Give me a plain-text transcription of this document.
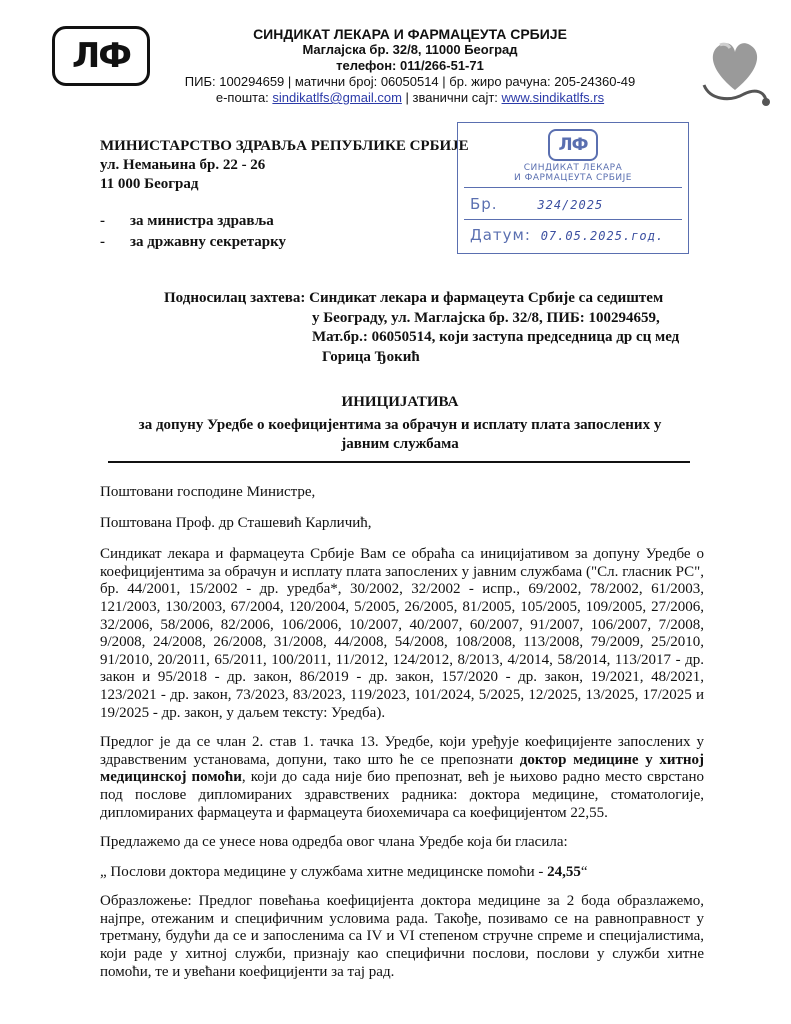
ЛФ
СИНДИКАТ ЛЕКАРА И ФАРМАЦЕУТА СРБИЈЕ
Маглајска бр. 32/8, 11000 Београд
телефон: 011/266-51-71
ПИБ: 100294659 | матични број: 06050514 | бр. жиро рачуна: 205-24360-49
е-пошта: sindikatlfs@gmail.com | званични сајт: www.sindikatlfs.rs
МИНИСТАРСТВО ЗДРАВЉА РЕПУБЛИКЕ СРБИЈЕ
ул. Немањина бр. 22 - 26
11 000 Београд
- за министра здравља
- за државну секретарку
ЛФ
СИНДИКАТ ЛЕКАРА
И ФАРМАЦЕУТА СРБИЈЕ
Бр.	324/2025
Датум: 07.05.2025.год.
Подносилац захтева: Синдикат лекара и фармацеута Србије са седиштем
у Београду, ул. Маглајска бр. 32/8, ПИБ: 100294659,
Мат.бр.: 06050514, који заступа председница др сц мед
Горица Ђокић
ИНИЦИЈАТИВА
за допуну Уредбе о коефицијентима за обрачун и исплату плата запослених у
јавним службама

Поштовани господине Министре,

Поштована Проф. др Сташевић Карличић,

Синдикат лекара и фармацеута Србије Вам се обраћа са иницијативом за допуну Уредбе о коефицијентима за обрачун и исплату плата запослених у јавним службама ("Сл. гласник РС", бр. 44/2001, 15/2002 - др. уредба*, 30/2002, 32/2002 - испр., 69/2002, 78/2002, 61/2003, 121/2003, 130/2003, 67/2004, 120/2004, 5/2005, 26/2005, 81/2005, 105/2005, 109/2005, 27/2006, 32/2006, 58/2006, 82/2006, 106/2006, 10/2007, 40/2007, 60/2007, 91/2007, 106/2007, 7/2008, 9/2008, 24/2008, 26/2008, 31/2008, 44/2008, 54/2008, 108/2008, 113/2008, 79/2009, 25/2010, 91/2010, 20/2011, 65/2011, 100/2011, 11/2012, 124/2012, 8/2013, 4/2014, 58/2014, 113/2017 - др. закон и 95/2018 - др. закон, 86/2019 - др. закон, 157/2020 - др. закон, 19/2021, 48/2021, 123/2021 - др. закон, 73/2023, 83/2023, 119/2023, 101/2024, 5/2025, 12/2025, 13/2025, 17/2025 и 19/2025 - др. закон, у даљем тексту: Уредба).

Предлог је да се члан 2. став 1. тачка 13. Уредбе, који уређује коефицијенте запослених у здравственим установама, допуни, тако што ће се препознати доктор медицине у хитној медицинској помоћи, који до сада није био препознат, већ је њихово радно место сврстано под послове дипломираних здравствених радника: доктора медицине, стоматологије, дипломираних фармацеута и фармацеута биохемичара са коефицијентом 22,55.

Предлажемо да се унесе нова одредба овог члана Уредбе која би гласила:

„ Послови доктора медицине у службама хитне медицинске помоћи - 24,55“

Образложење: Предлог повећања коефицијента доктора медицине за 2 бода образлажемо, најпре, отежаним и специфичним условима рада. Такође, позивамо се на равноправност у третману, будући да се и запосленима са IV и VI степеном стручне спреме и специјалистима, који раде у хитној служби, признају као специфични послови, послови у служби хитне помоћи, те и увећани коефицијенти за тај рад.
